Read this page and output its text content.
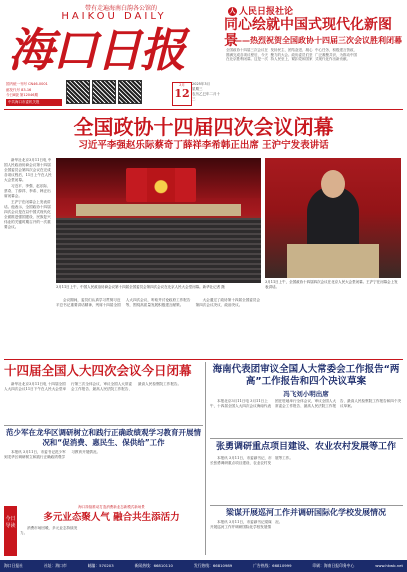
带有走遍海南白韵各公馆的
HAIKOU DAILY
海口日报
国内统一刊号 CN46-0001
邮发代号 83-16
今日8版 第12046期
中共海口市委机关报
3月
12
2025年3月
星期三
农历乙巳年二月十三
人 人民日报社论
同心绘就中国式现代化新图景
——热烈祝贺全国政协十四届三次会议胜利闭幕
全国政协十四届三次会议在圆满完成各项议程后，今天在北京胜利闭幕。这是一次发扬民主、团结奋进、凝心聚力的大会。政协委员们坚持人民至上，紧扣党和国家中心任务，积极建言资政，广泛凝聚共识，为推动中国式现代化作出新贡献。
全国政协十四届四次会议闭幕
习近平李强赵乐际蔡奇丁薛祥李希韩正出席 王沪宁发表讲话

新华社北京3月11日电 中国人民政治协商会议第十四届全国委员会第四次会议在完成各项议程后，11日上午在人民大会堂闭幕。

习近平、李强、赵乐际、蔡奇、丁薛祥、李希、韩正出席闭幕会。

王沪宁在闭幕会上发表讲话。他表示，全国政协十四届四次会议是在以中国式现代化全面推进强国建设、民族复兴伟业的关键时期召开的一次重要会议。

3月11日上午，中国人民政治协商会议第十四届全国委员会第四次会议在北京人民大会堂闭幕。新华社记者 摄
3月11日上午，全国政协十四届四次会议在北京人民大会堂闭幕。王沪宁在闭幕会上发表讲话。

会议期间，委员们认真学习贯彻习近平总书记重要讲话精神，列席十四届全国人大四次会议，听取并讨论政府工作报告等，围绕高质量发展积极建言献策。

大会通过了政协第十四届全国委员会第四次会议决议、政治决议。

十四届全国人大四次会议今日闭幕

新华社北京3月11日电 十四届全国人大四次会议11日下午在人民大会堂举行第三次全体会议，审议全国人大常委会工作报告、最高人民法院工作报告、最高人民检察院工作报告。

海南代表团审议全国人大常委会工作报告“两高”工作报告和四个决议草案
冯飞刘小明出席

本报北京3月11日电 3月11日上午，十四届全国人大四次会议海南代表团在驻地举行全体会议，审议全国人大常委会工作报告、最高人民法院工作报告、最高人民检察院工作报告和四个决议草案。

范少军在龙华区调研树立和践行正确政绩观学习教育开展情况和“促消费、惠民生、保供给”工作

本报讯 3月11日，市委书记范少军到龙华区调研树立和践行正确政绩观学习教育开展情况。	张勇调研重点项目建设、农业农村发展等工作

本报讯 3月11日，市委副书记、市长张勇调研重点项目建设、农业农村发展等工作。

今日导读
海口持续推动打造消费新业态新模式新场景
多元业态聚人气 融合共生添活力

消费市场回暖，多元业态持续发力。

梁谋开展巡河工作并调研国际化学校发展情况

本报讯 3月11日，市委副书记梁谋开展巡河工作并调研国际化学校发展情况。

海口日报社	社址：海口市	邮编：570203	新闻热线：66810110	发行热线：66810989	广告热线：66810999	印刷：海南日报印务中心	www.hkwb.net
